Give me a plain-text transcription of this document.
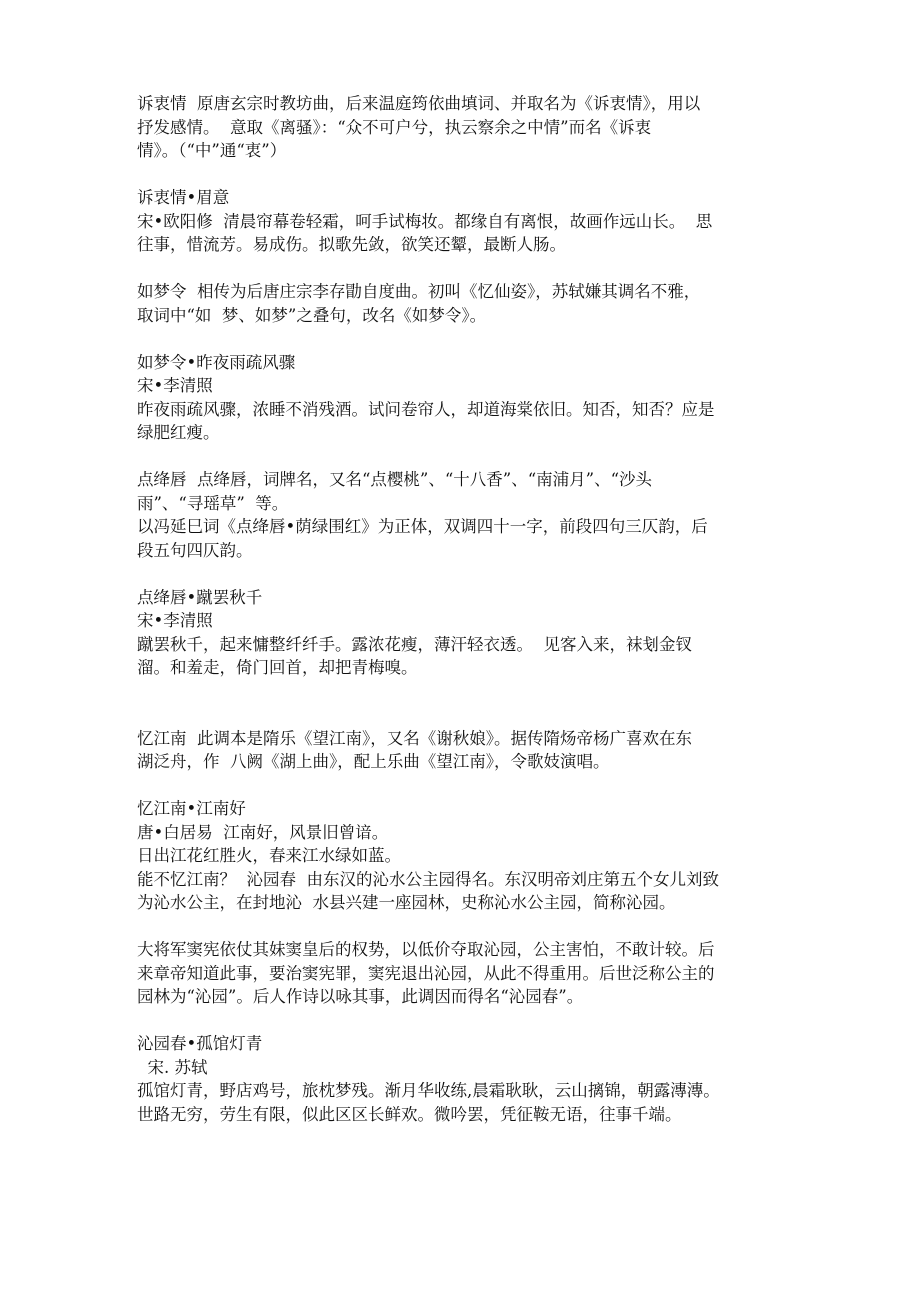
诉衷情  原唐玄宗时教坊曲，后来温庭筠依曲填词、并取名为《诉衷情》，用以
抒发感情。  意取《离骚》：“众不可户兮，执云察余之中情”而名《诉衷
情》。（“中”通“衷”）
诉衷情•眉意
宋•欧阳修  清晨帘幕卷轻霜，呵手试梅妆。都缘自有离恨，故画作远山长。  思
往事，惜流芳。易成伤。拟歌先敛，欲笑还颦，最断人肠。
如梦令  相传为后唐庄宗李存勖自度曲。初叫《忆仙姿》，苏轼嫌其调名不雅，
取词中“如  梦、如梦”之叠句，改名《如梦令》。
如梦令•昨夜雨疏风骤
宋•李清照
昨夜雨疏风骤，浓睡不消残酒。试问卷帘人，却道海棠依旧。知否，知否？应是
绿肥红瘦。
点绛唇  点绛唇，词牌名，又名“点樱桃”、“十八香”、“南浦月”、“沙头
雨”、“寻瑶草”  等。
以冯延巳词《点绛唇•荫绿围红》为正体，双调四十一字，前段四句三仄韵，后
段五句四仄韵。
点绛唇•蹴罢秋千
宋•李清照
蹴罢秋千，起来慵整纤纤手。露浓花瘦，薄汗轻衣透。  见客入来，袜刬金钗
溜。和羞走，倚门回首，却把青梅嗅。
忆江南  此调本是隋乐《望江南》，又名《谢秋娘》。据传隋炀帝杨广喜欢在东
湖泛舟，作  八阙《湖上曲》，配上乐曲《望江南》，令歌妓演唱。
忆江南•江南好
唐•白居易  江南好，风景旧曾谙。
日出江花红胜火，春来江水绿如蓝。
能不忆江南？  沁园春  由东汉的沁水公主园得名。东汉明帝刘庄第五个女儿刘致
为沁水公主，在封地沁  水县兴建一座园林，史称沁水公主园，简称沁园。
大将军窦宪依仗其妹窦皇后的权势，以低价夺取沁园，公主害怕，不敢计较。后
来章帝知道此事，要治窦宪罪，窦宪退出沁园，从此不得重用。后世泛称公主的
园林为“沁园”。后人作诗以咏其事，此调因而得名“沁园春”。
沁园春•孤馆灯青
宋. 苏轼
孤馆灯青，野店鸡号，旅枕梦残。渐月华收练,晨霜耿耿，云山摛锦，朝露漙漙。
世路无穷，劳生有限，似此区区长鲜欢。微吟罢，凭征鞍无语，往事千端。
